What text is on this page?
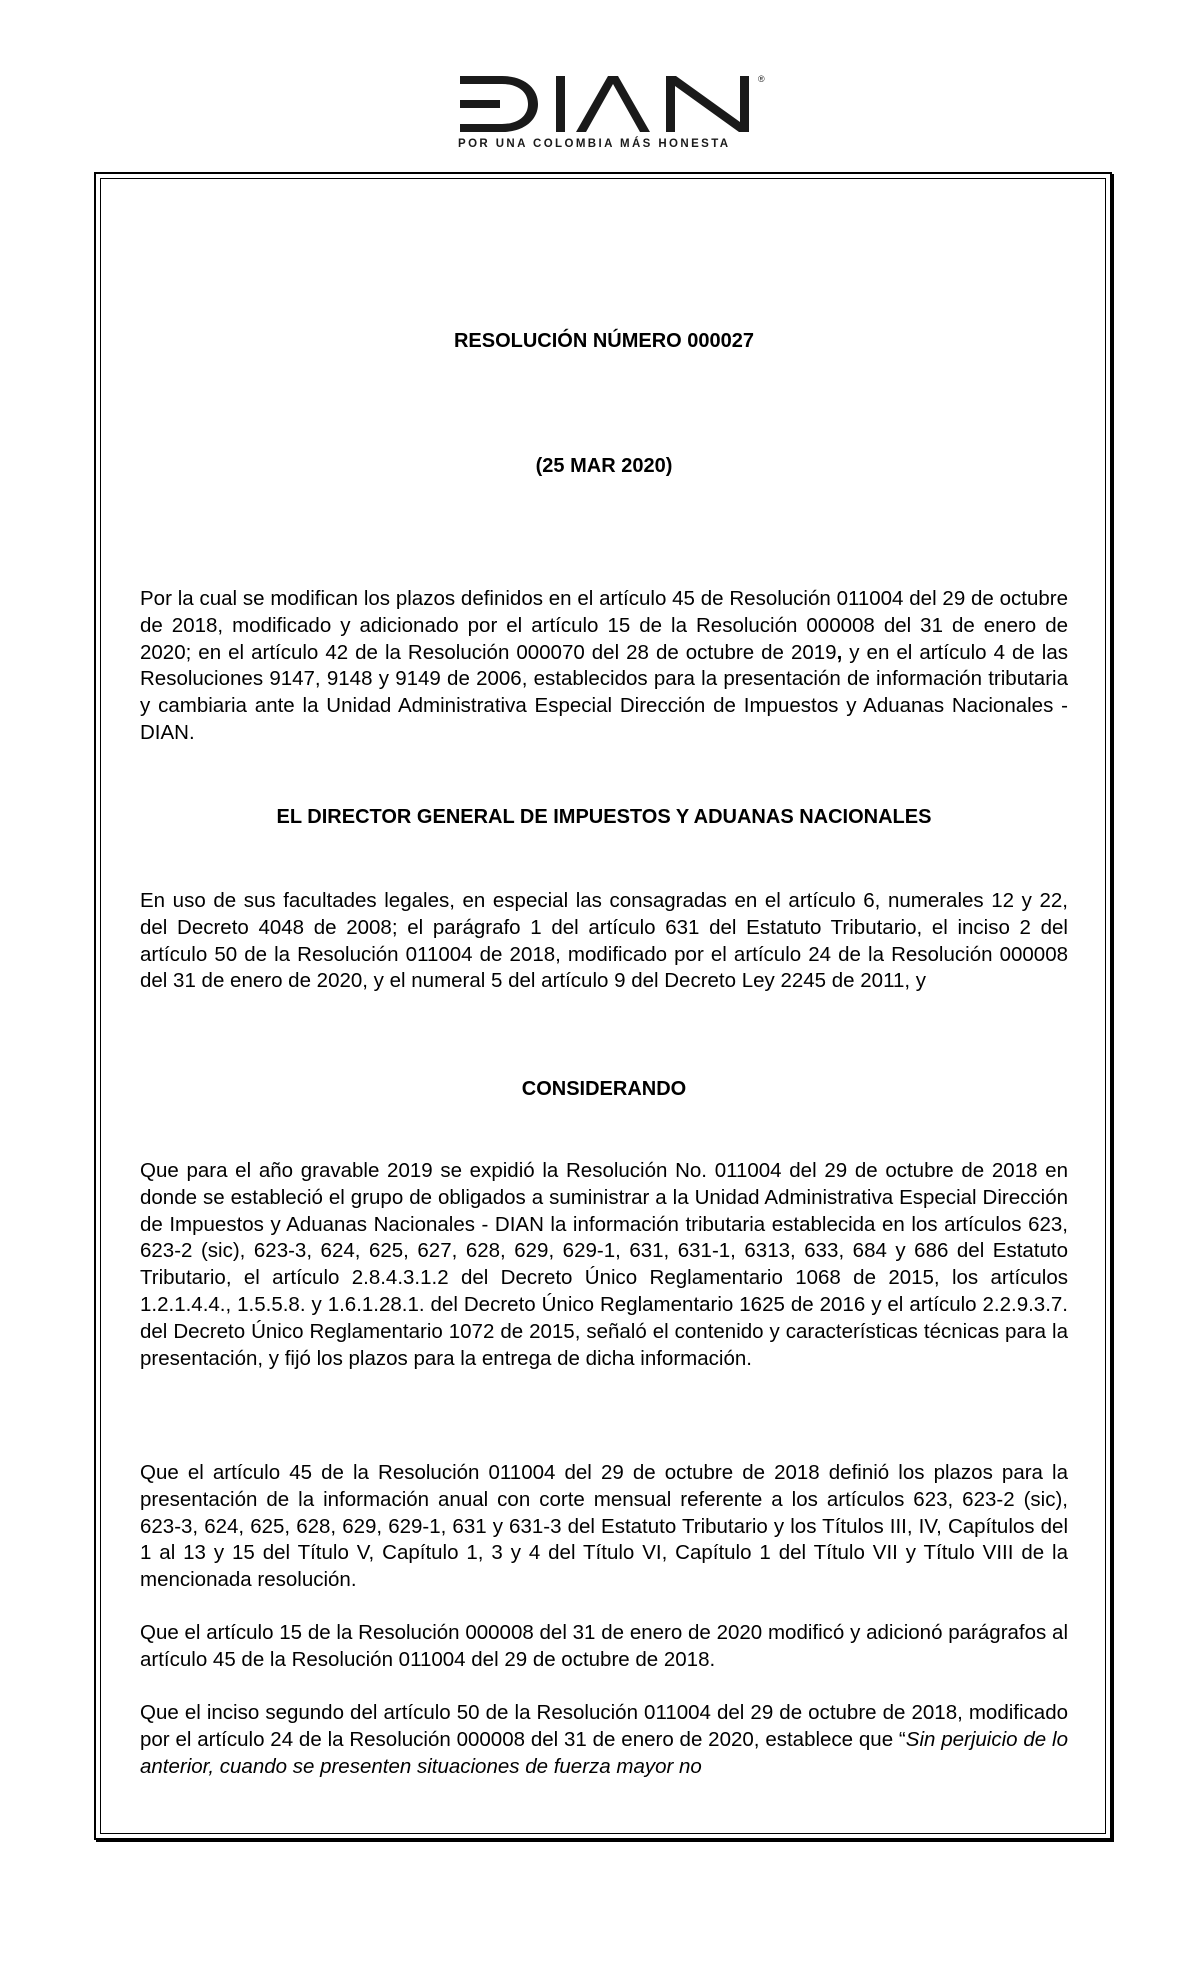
®
POR UNA COLOMBIA MÁS HONESTA

RESOLUCIÓN NÚMERO 000027

(25 MAR 2020)

Por la cual se modifican los plazos definidos en el artículo 45 de Resolución 011004 del 29 de octubre de 2018, modificado y adicionado por el artículo 15 de la Resolución 000008 del 31 de enero de 2020; en el artículo 42 de la Resolución 000070 del 28 de octubre de 2019, y en el artículo 4 de las Resoluciones 9147, 9148 y 9149 de 2006, establecidos para la presentación de información tributaria y cambiaria ante la Unidad Administrativa Especial Dirección de Impuestos y Aduanas Nacionales - DIAN.

EL DIRECTOR GENERAL DE IMPUESTOS Y ADUANAS NACIONALES

En uso de sus facultades legales, en especial las consagradas en el artículo 6, numerales 12 y 22, del Decreto 4048 de 2008; el parágrafo 1 del artículo 631 del Estatuto Tributario, el inciso 2 del artículo 50 de la Resolución 011004 de 2018, modificado por el artículo 24 de la Resolución 000008 del 31 de enero de 2020, y el numeral 5 del artículo 9 del Decreto Ley 2245 de 2011, y

CONSIDERANDO

Que para el año gravable 2019 se expidió la Resolución No. 011004 del 29 de octubre de 2018 en donde se estableció el grupo de obligados a suministrar a la Unidad Administrativa Especial Dirección de Impuestos y Aduanas Nacionales - DIAN la información tributaria establecida en los artículos 623, 623-2 (sic), 623-3, 624, 625, 627, 628, 629, 629-1, 631, 631-1, 6313, 633, 684 y 686 del Estatuto Tributario, el artículo 2.8.4.3.1.2 del Decreto Único Reglamentario 1068 de 2015, los artículos 1.2.1.4.4., 1.5.5.8. y 1.6.1.28.1. del Decreto Único Reglamentario 1625 de 2016 y el artículo 2.2.9.3.7. del Decreto Único Reglamentario 1072 de 2015, señaló el contenido y características técnicas para la presentación, y fijó los plazos para la entrega de dicha información.

Que el artículo 45 de la Resolución 011004 del 29 de octubre de 2018 definió los plazos para la presentación de la información anual con corte mensual referente a los artículos 623, 623-2 (sic), 623-3, 624, 625, 628, 629, 629-1, 631 y 631-3 del Estatuto Tributario y los Títulos III, IV, Capítulos del 1 al 13 y 15 del Título V, Capítulo 1, 3 y 4 del Título VI, Capítulo 1 del Título VII y Título VIII de la mencionada resolución.

Que el artículo 15 de la Resolución 000008 del 31 de enero de 2020 modificó y adicionó parágrafos al artículo 45 de la Resolución 011004 del 29 de octubre de 2018.

Que el inciso segundo del artículo 50 de la Resolución 011004 del 29 de octubre de 2018, modificado por el artículo 24 de la Resolución 000008 del 31 de enero de 2020, establece que “Sin perjuicio de lo anterior, cuando se presenten situaciones de fuerza mayor no
